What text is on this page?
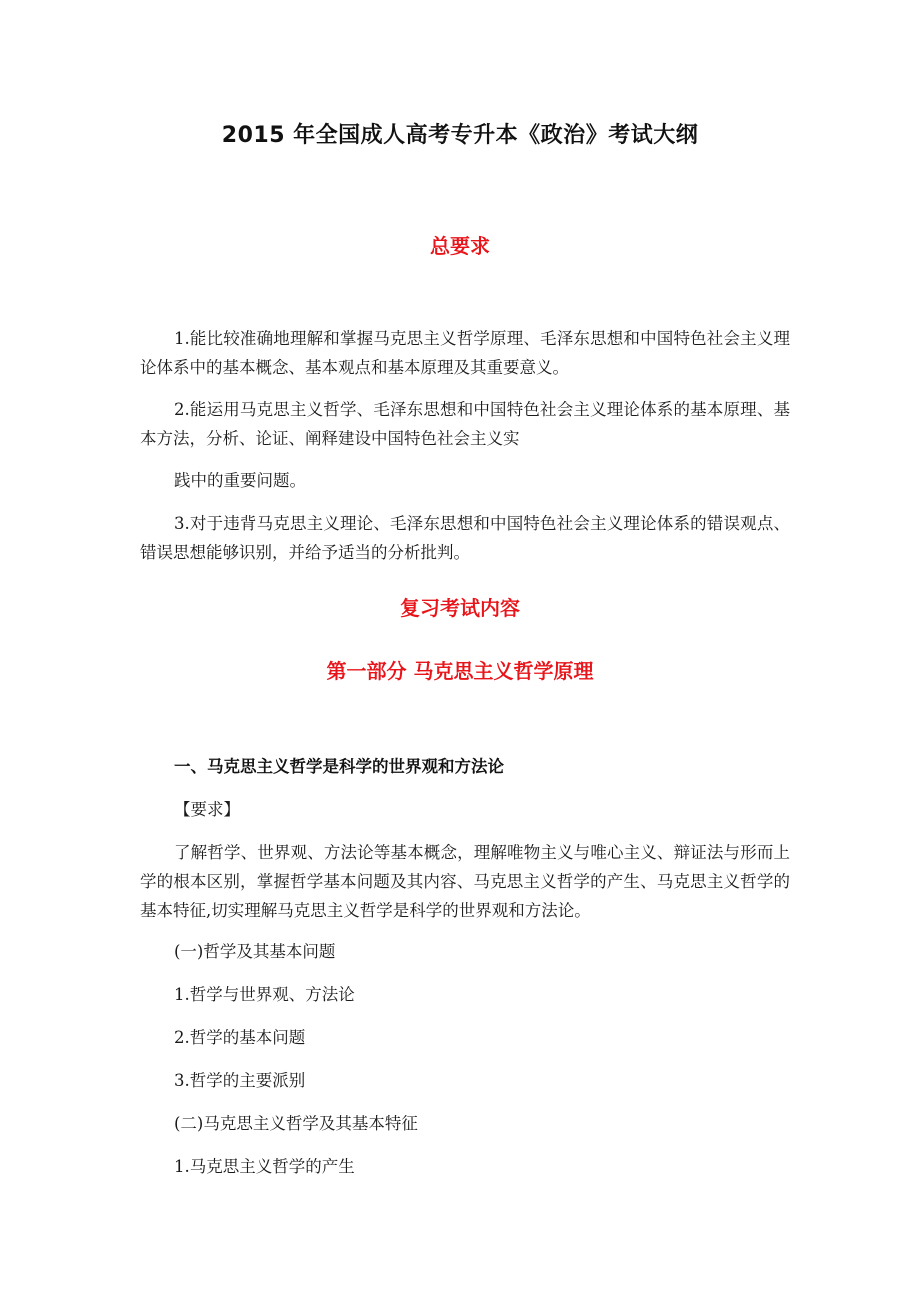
2015 年全国成人高考专升本《政治》考试大纲
总要求
1.能比较准确地理解和掌握马克思主义哲学原理、毛泽东思想和中国特色社会主义理论体系中的基本概念、基本观点和基本原理及其重要意义。
2.能运用马克思主义哲学、毛泽东思想和中国特色社会主义理论体系的基本原理、基本方法，分析、论证、阐释建设中国特色社会主义实
践中的重要问题。
3.对于违背马克思主义理论、毛泽东思想和中国特色社会主义理论体系的错误观点、错误思想能够识别，并给予适当的分析批判。
复习考试内容
第一部分 马克思主义哲学原理
一、马克思主义哲学是科学的世界观和方法论
【要求】
了解哲学、世界观、方法论等基本概念，理解唯物主义与唯心主义、辩证法与形而上学的根本区别，掌握哲学基本问题及其内容、马克思主义哲学的产生、马克思主义哲学的基本特征,切实理解马克思主义哲学是科学的世界观和方法论。
(一)哲学及其基本问题
1.哲学与世界观、方法论
2.哲学的基本问题
3.哲学的主要派别
(二)马克思主义哲学及其基本特征
1.马克思主义哲学的产生
